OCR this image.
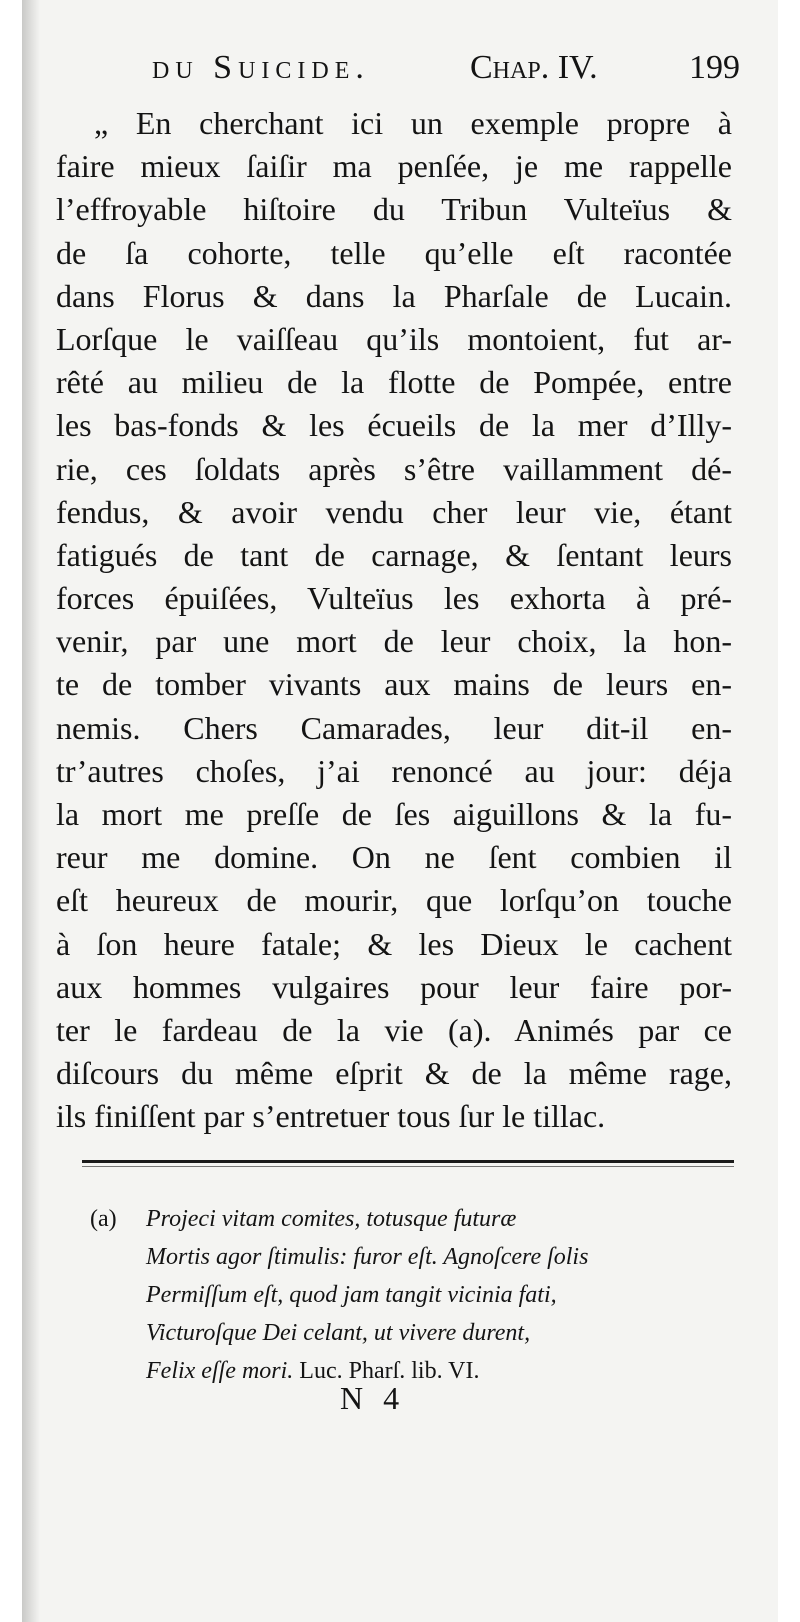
du Suicide.	Chap. IV.	199
„ En cherchant ici un exemple propre à
faire mieux ſaiſir ma penſée, je me rappelle
l’effroyable hiſtoire du Tribun Vulteïus &
de ſa cohorte, telle qu’elle eſt racontée
dans Florus & dans la Pharſale de Lucain.
Lorſque le vaiſſeau qu’ils montoient, fut ar-
rêté au milieu de la flotte de Pompée, entre
les bas-fonds & les écueils de la mer d’Illy-
rie, ces ſoldats après s’être vaillamment dé-
fendus, & avoir vendu cher leur vie, étant
fatigués de tant de carnage, & ſentant leurs
forces épuiſées, Vulteïus les exhorta à pré-
venir, par une mort de leur choix, la hon-
te de tomber vivants aux mains de leurs en-
nemis. Chers Camarades, leur dit-il en-
tr’autres choſes, j’ai renoncé au jour: déja
la mort me preſſe de ſes aiguillons & la fu-
reur me domine. On ne ſent combien il
eſt heureux de mourir, que lorſqu’on touche
à ſon heure fatale; & les Dieux le cachent
aux hommes vulgaires pour leur faire por-
ter le fardeau de la vie (a). Animés par ce
diſcours du même eſprit & de la même rage,
ils finiſſent par s’entretuer tous ſur le tillac.
(a)	Projeci vitam comites, totusque futuræ
Mortis agor ſtimulis: furor eſt. Agnoſcere ſolis
Permiſſum eſt, quod jam tangit vicinia fati,
Victuroſque Dei celant, ut vivere durent,
Felix eſſe mori. Luc. Pharſ. lib. VI.
N 4
